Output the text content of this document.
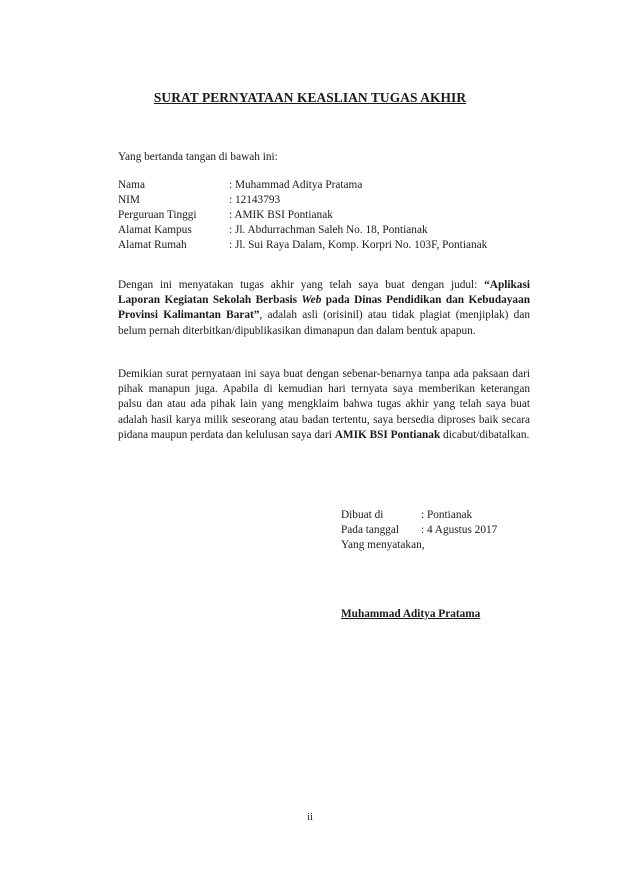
SURAT PERNYATAAN KEASLIAN TUGAS AKHIR
Yang bertanda tangan di bawah ini:
Nama	: Muhammad Aditya Pratama
NIM	: 12143793
Perguruan Tinggi	: AMIK BSI Pontianak
Alamat Kampus	: Jl. Abdurrachman Saleh No. 18, Pontianak
Alamat Rumah	: Jl. Sui Raya Dalam, Komp. Korpri No. 103F, Pontianak

Dengan ini menyatakan tugas akhir yang telah saya buat dengan judul: “Aplikasi Laporan Kegiatan Sekolah Berbasis Web pada Dinas Pendidikan dan Kebudayaan Provinsi Kalimantan Barat”, adalah asli (orisinil) atau tidak plagiat (menjiplak) dan belum pernah diterbitkan/dipublikasikan dimanapun dan dalam bentuk apapun.

Demikian surat pernyataan ini saya buat dengan sebenar-benarnya tanpa ada paksaan dari pihak manapun juga. Apabila di kemudian hari ternyata saya memberikan keterangan palsu dan atau ada pihak lain yang mengklaim bahwa tugas akhir yang telah saya buat adalah hasil karya milik seseorang atau badan tertentu, saya bersedia diproses baik secara pidana maupun perdata dan kelulusan saya dari AMIK BSI Pontianak dicabut/dibatalkan.

Dibuat di	: Pontianak
Pada tanggal : 4 Agustus 2017
Yang menyatakan,
Muhammad Aditya Pratama
ii
